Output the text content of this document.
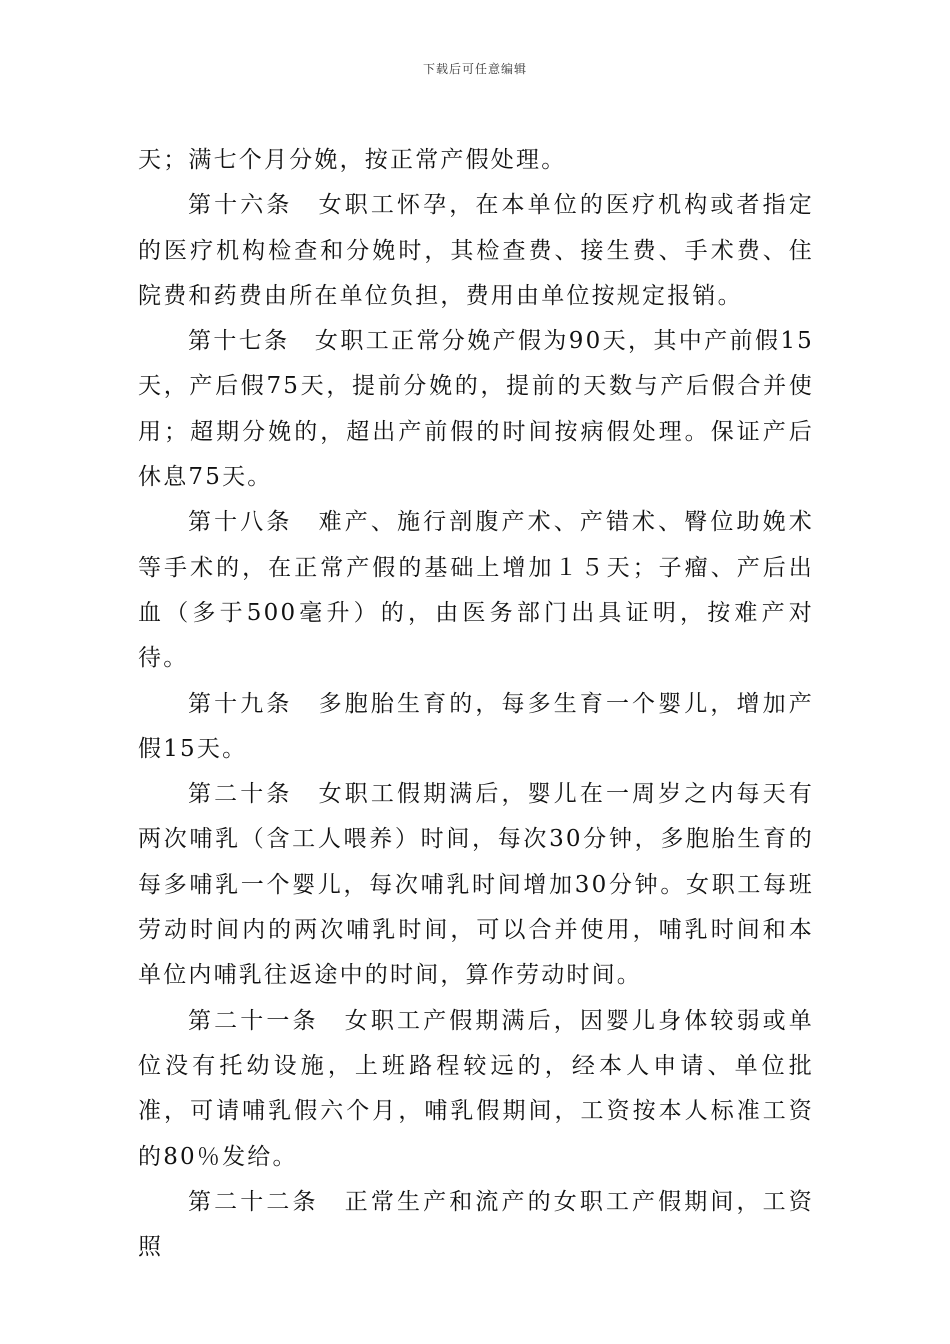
下载后可任意编辑

天；满七个月分娩，按正常产假处理。

第十六条　女职工怀孕，在本单位的医疗机构或者指定的医疗机构检查和分娩时，其检查费、接生费、手术费、住院费和药费由所在单位负担，费用由单位按规定报销。

第十七条　女职工正常分娩产假为90天，其中产前假15天，产后假75天，提前分娩的，提前的天数与产后假合并使用；超期分娩的，超出产前假的时间按病假处理。保证产后休息75天。

第十八条　难产、施行剖腹产术、产错术、臀位助娩术等手术的，在正常产假的基础上增加１５天；子瘤、产后出血（多于500毫升）的，由医务部门出具证明，按难产对待。

第十九条　多胞胎生育的，每多生育一个婴儿，增加产假15天。

第二十条　女职工假期满后，婴儿在一周岁之内每天有两次哺乳（含工人喂养）时间，每次30分钟，多胞胎生育的每多哺乳一个婴儿，每次哺乳时间增加30分钟。女职工每班劳动时间内的两次哺乳时间，可以合并使用，哺乳时间和本单位内哺乳往返途中的时间，算作劳动时间。

第二十一条　女职工产假期满后，因婴儿身体较弱或单位没有托幼设施，上班路程较远的，经本人申请、单位批准，可请哺乳假六个月，哺乳假期间，工资按本人标准工资的80％发给。

第二十二条　正常生产和流产的女职工产假期间，工资照
